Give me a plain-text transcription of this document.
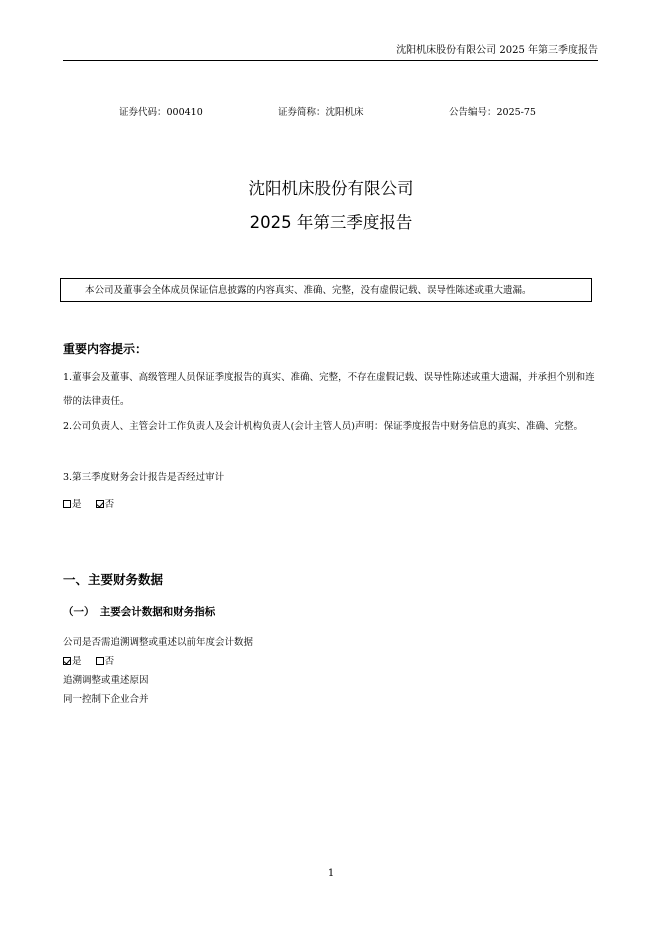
沈阳机床股份有限公司 2025 年第三季度报告
证券代码：000410	证券简称：沈阳机床	公告编号：2025-75
沈阳机床股份有限公司
2025 年第三季度报告
本公司及董事会全体成员保证信息披露的内容真实、准确、完整，没有虚假记载、误导性陈述或重大遗漏。
重要内容提示：
1.董事会及董事、高级管理人员保证季度报告的真实、准确、完整，不存在虚假记载、误导性陈述或重大遗漏，并承担个别和连带的法律责任。
2.公司负责人、主管会计工作负责人及会计机构负责人(会计主管人员)声明：保证季度报告中财务信息的真实、准确、完整。
3.第三季度财务会计报告是否经过审计
是 否
一、主要财务数据
（一）　主要会计数据和财务指标
公司是否需追溯调整或重述以前年度会计数据
是 否
追溯调整或重述原因
同一控制下企业合并
1
